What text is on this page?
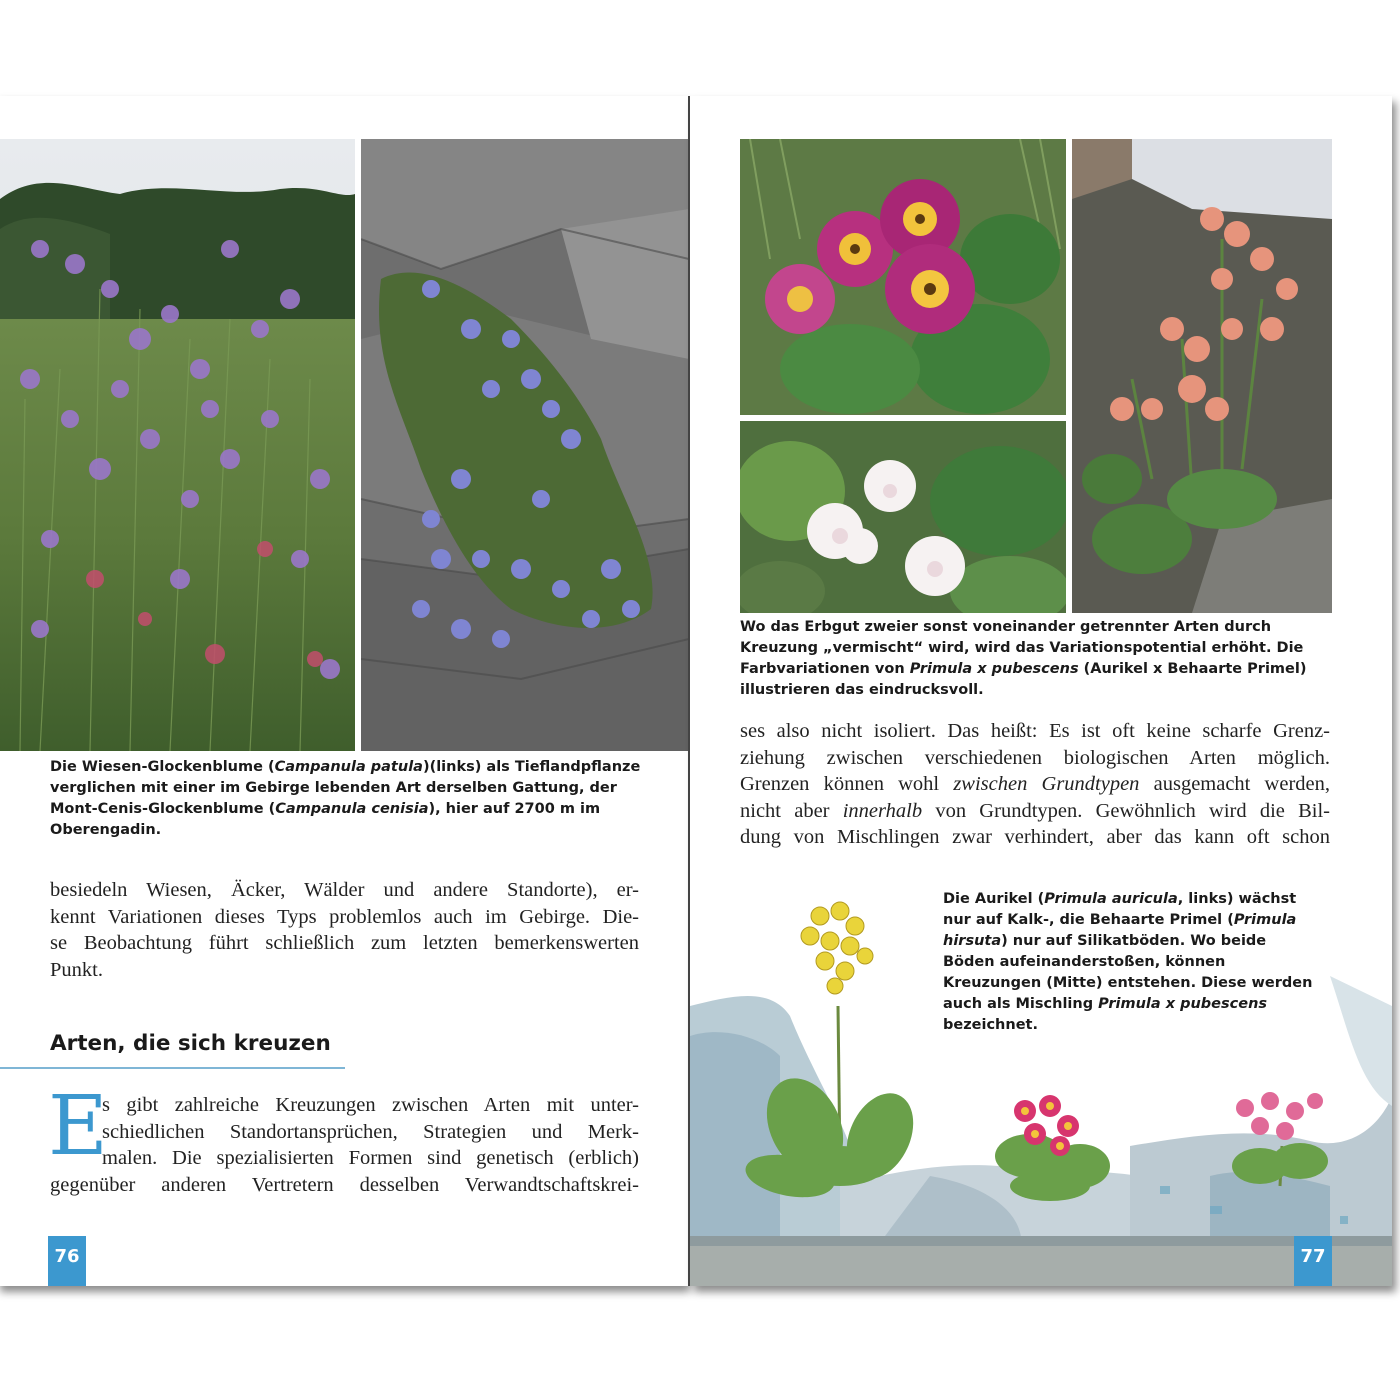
Die Wiesen-Glockenblume (Campanula patula)(links) als Tieflandpflanze verglichen mit einer im Gebirge lebenden Art derselben Gattung, der Mont-Cenis-Glockenblume (Campanula cenisia), hier auf 2700 m im Oberengadin.

besiedeln Wiesen, Äcker, Wälder und andere Standorte), er-

kennt Variationen dieses Typs problemlos auch im Gebirge. Die-

se Beobachtung führt schließlich zum letzten bemerkenswerten

Punkt.

Arten, die sich kreuzen
E

s gibt zahlreiche Kreuzungen zwischen Arten mit unter-

schiedlichen Standortansprüchen, Strategien und Merk-

malen. Die spezialisierten Formen sind genetisch (erblich)

gegenüber anderen Vertretern desselben Verwandtschaftskrei-

76
Wo das Erbgut zweier sonst voneinander getrennter Arten durch Kreuzung „vermischt“ wird, wird das Variationspotential erhöht. Die Farbvariationen von Primula x pubescens (Aurikel x Behaarte Primel) illustrieren das eindrucksvoll.

ses also nicht isoliert. Das heißt: Es ist oft keine scharfe Grenz-

ziehung zwischen verschiedenen biologischen Arten möglich.

Grenzen können wohl zwischen Grundtypen ausgemacht werden,

nicht aber innerhalb von Grundtypen. Gewöhnlich wird die Bil-

dung von Mischlingen zwar verhindert, aber das kann oft schon

Die Aurikel (Primula auricula, links) wächst nur auf Kalk-, die Behaarte Primel (Primula hirsuta) nur auf Silikatböden. Wo beide Böden aufeinanderstoßen, können Kreuzungen (Mitte) entstehen. Diese werden auch als Mischling Primula x pubescens bezeichnet.
77
